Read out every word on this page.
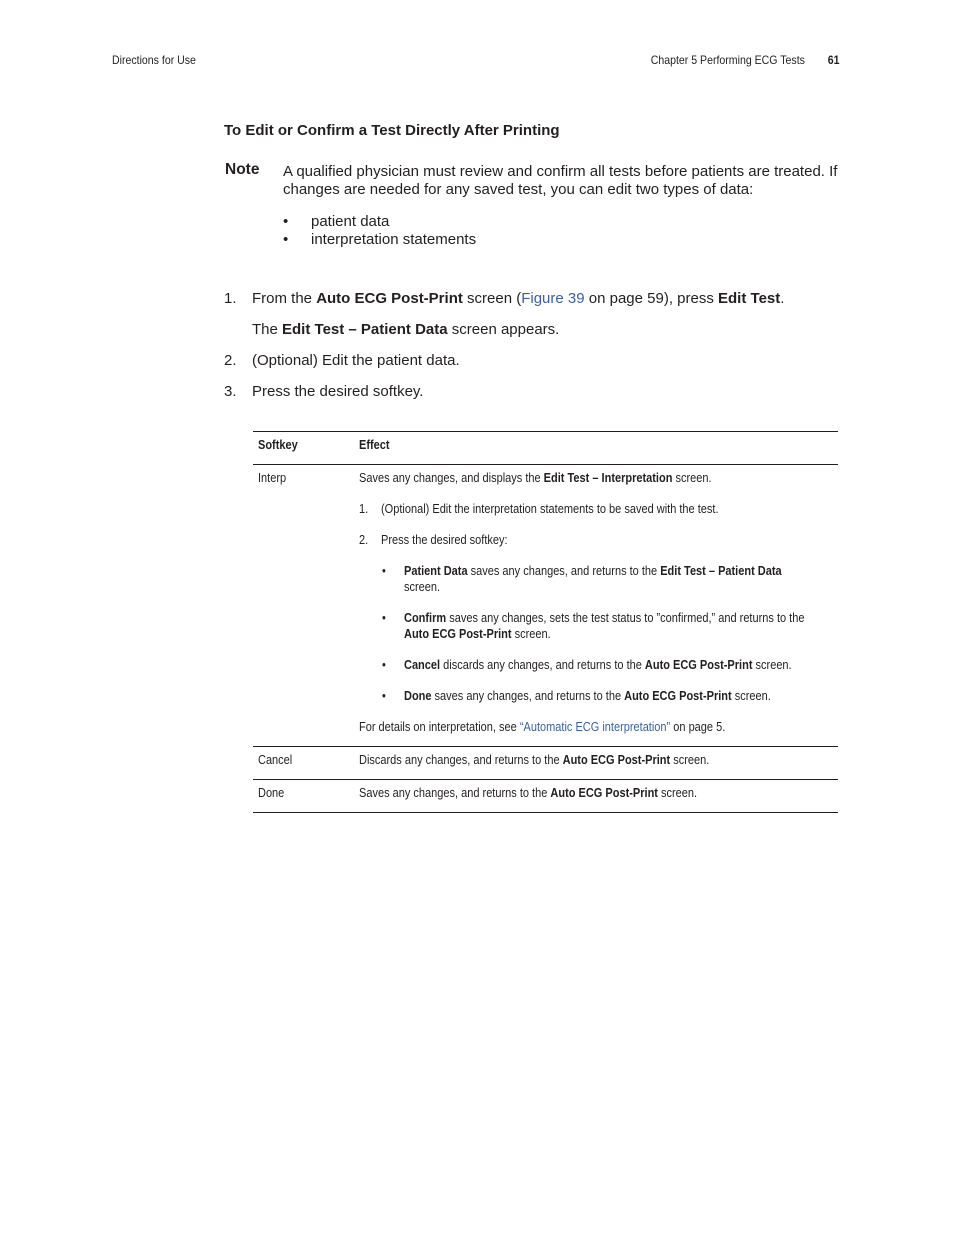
Directions for Use	Chapter 5 Performing ECG Tests 61
To Edit or Confirm a Test Directly After Printing
Note A qualified physician must review and confirm all tests before patients are treated. If changes are needed for any saved test, you can edit two types of data:
• patient data
• interpretation statements
1. From the Auto ECG Post-Print screen (Figure 39 on page 59), press Edit Test.
The Edit Test – Patient Data screen appears.
2. (Optional) Edit the patient data.
3. Press the desired softkey.
Softkey	Effect
Interp	Saves any changes, and displays the Edit Test – Interpretation screen.
1. (Optional) Edit the interpretation statements to be saved with the test.
2. Press the desired softkey:
• Patient Data saves any changes, and returns to the Edit Test – Patient Data
screen.
• Confirm saves any changes, sets the test status to ”confirmed,” and returns to the
Auto ECG Post-Print screen.
• Cancel discards any changes, and returns to the Auto ECG Post-Print screen.
• Done saves any changes, and returns to the Auto ECG Post-Print screen.
For details on interpretation, see “Automatic ECG interpretation” on page 5.
Cancel	Discards any changes, and returns to the Auto ECG Post-Print screen.
Done	Saves any changes, and returns to the Auto ECG Post-Print screen.
